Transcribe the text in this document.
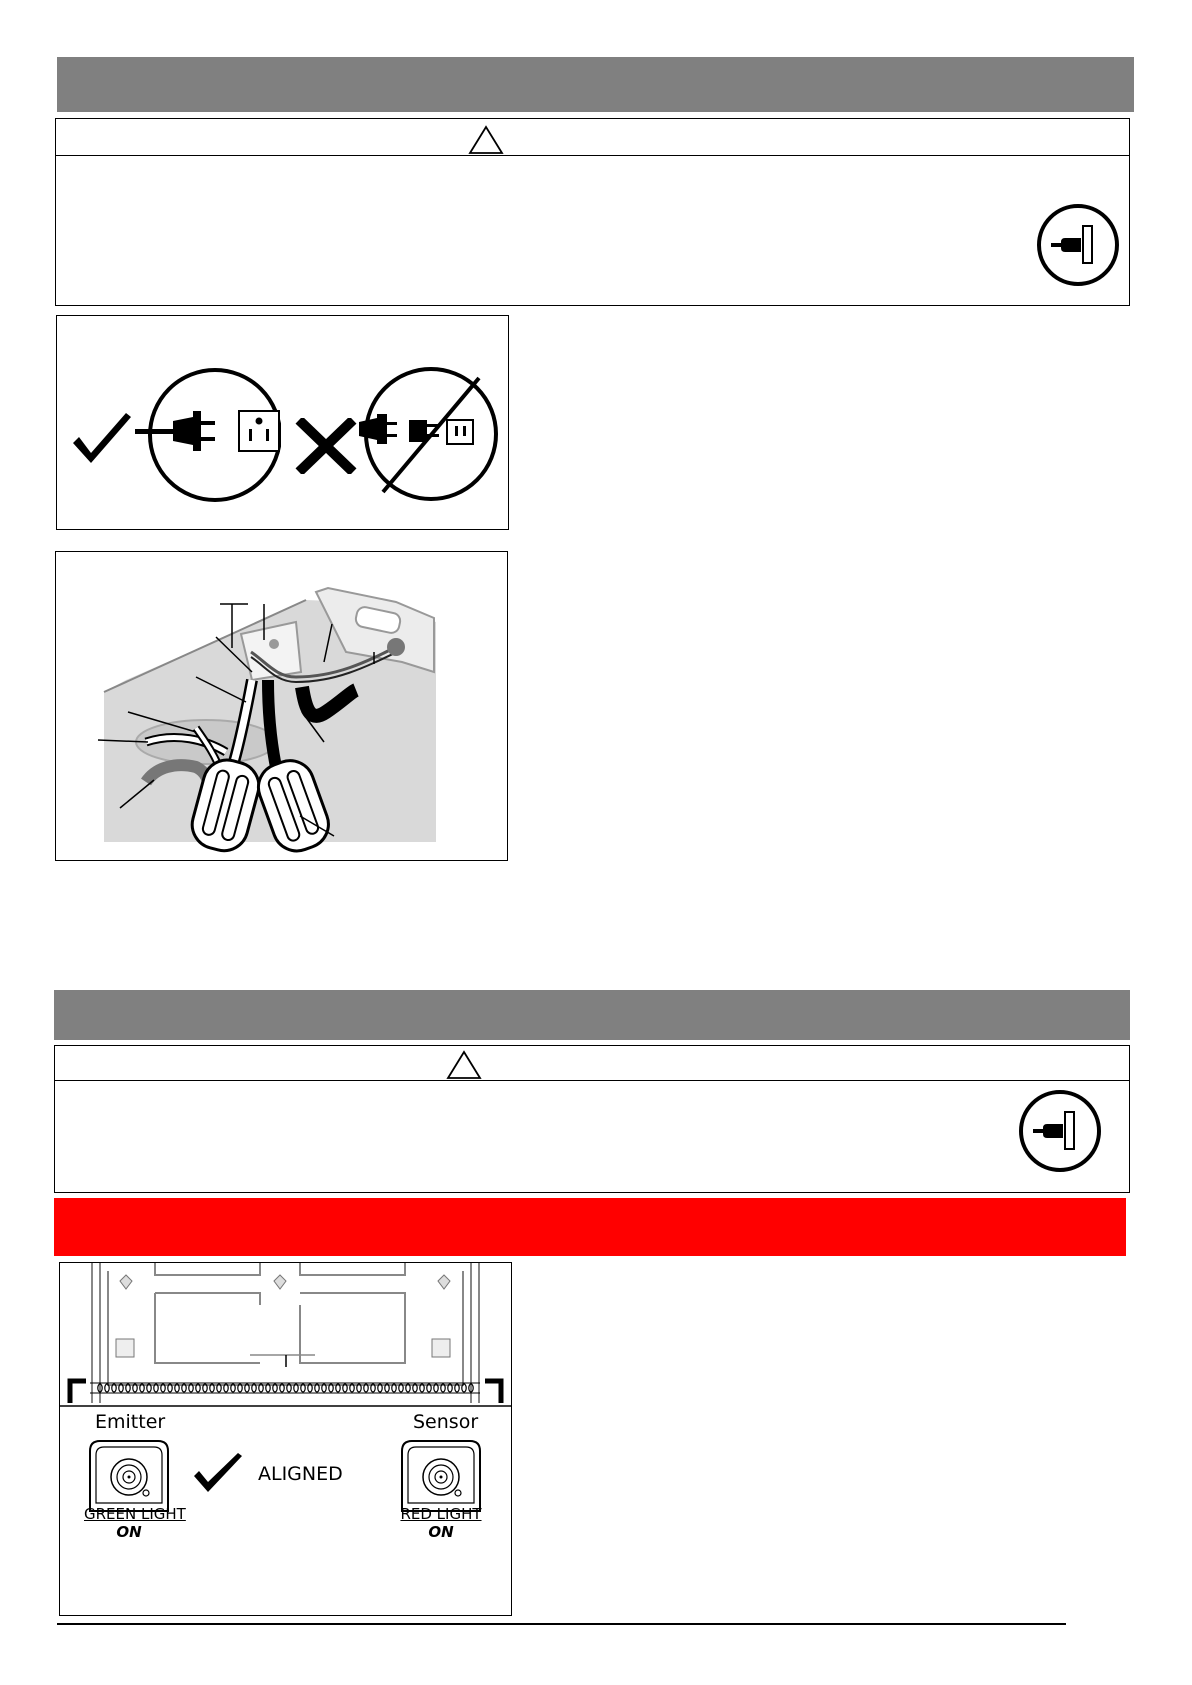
Emitter	Sensor
ALIGNED
GREEN LIGHT
ON
RED LIGHT
ON
